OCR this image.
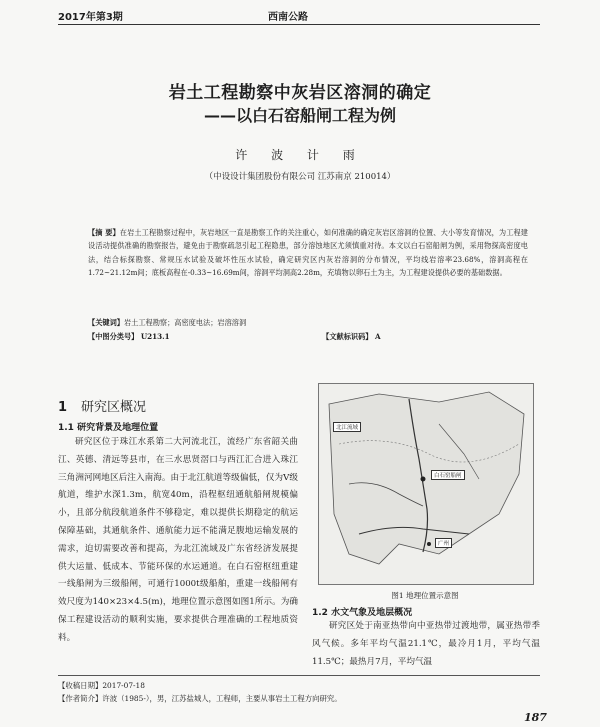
2017年第3期	西南公路
岩土工程勘察中灰岩区溶洞的确定
——以白石窑船闸工程为例
许 波 计 雨
（中设设计集团股份有限公司 江苏南京 210014）
【摘 要】在岩土工程勘察过程中，灰岩地区一直是勘察工作的关注重心，如何准确的确定灰岩区溶洞的位置、大小等发育情况，为工程建设活动提供准确的勘察报告，避免由于勘察疏忽引起工程隐患，部分溶蚀地区尤须慎重对待。本文以白石窑船闸为例，采用物探高密度电法，结合标探勘察、常规压水试验及破坏性压水试验，确定研究区内灰岩溶洞的分布情况，平均线岩溶率23.68%，溶洞高程在1.72~21.12m间；底板高程在-0.33~16.69m间，溶洞平均洞高2.28m，充填物以卵石土为主，为工程建设提供必要的基础数据。
【关键词】岩土工程勘察；高密度电法；岩溶溶洞
【中图分类号】 U213.1	【文献标识码】 A
1 研究区概况
1.1 研究背景及地理位置
研究区位于珠江水系第二大河流北江，流经广东省韶关曲江、英德、清远等县市，在三水思贤滘口与西江汇合进入珠江三角洲河网地区后注入南海。由于北江航道等级偏低，仅为Ⅴ级航道，维护水深1.3m，航宽40m，沿程枢纽通航船闸规模偏小，且部分航段航道条件不够稳定，难以提供长期稳定的航运保障基础，其通航条件、通航能力远不能满足腹地运输发展的需求，迫切需要改善和提高，为北江流域及广东省经济发展提供大运量、低成本、节能环保的水运通道。在白石窑枢纽重建一线船闸为三级船闸，可通行1000t级船舶，重建一线船闸有效尺度为140×23×4.5(m)，地理位置示意图如图1所示。为确保工程建设活动的顺利实施，要求提供合理准确的工程地质资料。
北江流域
白石窑船闸
广州
图1 地理位置示意图
1.2 水文气象及地层概况
研究区处于南亚热带向中亚热带过渡地带，属亚热带季风气候。多年平均气温21.1℃，最冷月1月，平均气温11.5℃；最热月7月，平均气温
【收稿日期】2017-07-18
【作者简介】许波（1985-），男，江苏盐城人，工程师，主要从事岩土工程方向研究。
187
